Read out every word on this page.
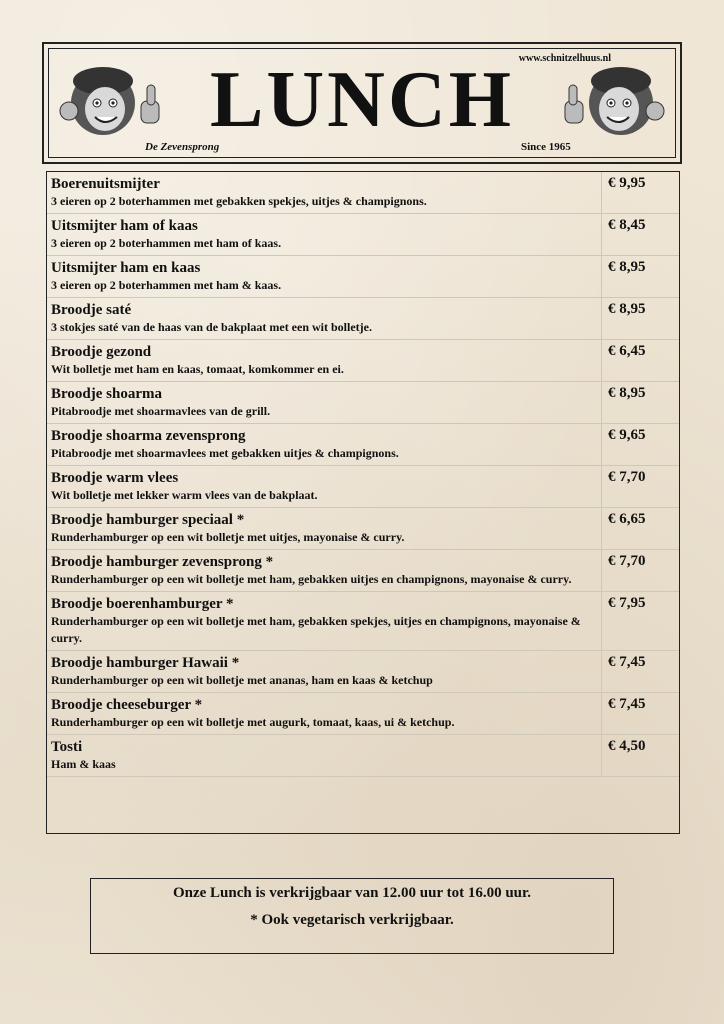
www.schnitzelhuus.nl
LUNCH
De Zevensprong	Since 1965
Boerenuitsmijter
3 eieren op 2 boterhammen met gebakken spekjes, uitjes & champignons.	€ 9,95

Uitsmijter ham of kaas
3 eieren op 2 boterhammen met ham of kaas.	€ 8,45

Uitsmijter ham en kaas
3 eieren op 2 boterhammen met ham & kaas.	€ 8,95

Broodje saté
3 stokjes saté van de haas van de bakplaat met een wit bolletje.	€ 8,95

Broodje gezond
Wit bolletje met ham en kaas, tomaat, komkommer en ei.	€ 6,45

Broodje shoarma
Pitabroodje met shoarmavlees van de grill.	€ 8,95

Broodje shoarma zevensprong
Pitabroodje met shoarmavlees met gebakken uitjes & champignons.	€ 9,65

Broodje warm vlees
Wit bolletje met lekker warm vlees van de bakplaat.	€ 7,70

Broodje hamburger speciaal *
Runderhamburger op een wit bolletje met uitjes, mayonaise & curry.	€ 6,65

Broodje hamburger zevensprong *
Runderhamburger op een wit bolletje met ham, gebakken uitjes en champignons, mayonaise & curry.	€ 7,70

Broodje boerenhamburger *
Runderhamburger op een wit bolletje met ham, gebakken spekjes, uitjes en champignons, mayonaise & curry.	€ 7,95

Broodje hamburger Hawaii *
Runderhamburger op een wit bolletje met ananas, ham en kaas & ketchup	€ 7,45

Broodje cheeseburger *
Runderhamburger op een wit bolletje met augurk, tomaat, kaas, ui & ketchup.	€ 7,45

Tosti
Ham & kaas	€ 4,50
Onze Lunch is verkrijgbaar van 12.00 uur tot 16.00 uur.
* Ook vegetarisch verkrijgbaar.
